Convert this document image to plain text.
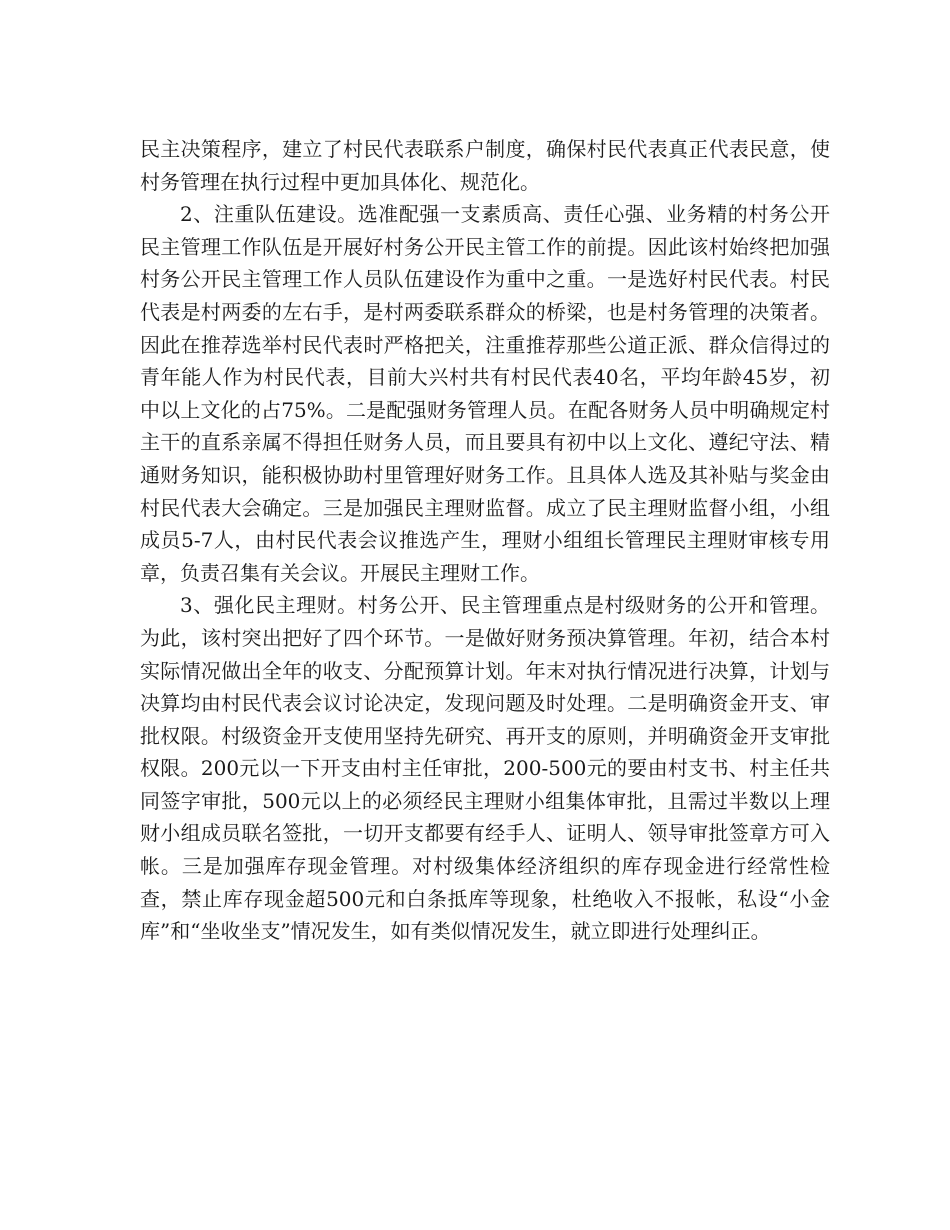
民主决策程序，建立了村民代表联系户制度，确保村民代表真正代表民意，使村务管理在执行过程中更加具体化、规范化。

2、注重队伍建设。选准配强一支素质高、责任心强、业务精的村务公开民主管理工作队伍是开展好村务公开民主管工作的前提。因此该村始终把加强村务公开民主管理工作人员队伍建设作为重中之重。一是选好村民代表。村民代表是村两委的左右手，是村两委联系群众的桥梁，也是村务管理的决策者。因此在推荐选举村民代表时严格把关，注重推荐那些公道正派、群众信得过的青年能人作为村民代表，目前大兴村共有村民代表40名，平均年龄45岁，初中以上文化的占75%。二是配强财务管理人员。在配各财务人员中明确规定村主干的直系亲属不得担任财务人员，而且要具有初中以上文化、遵纪守法、精通财务知识，能积极协助村里管理好财务工作。且具体人选及其补贴与奖金由村民代表大会确定。三是加强民主理财监督。成立了民主理财监督小组，小组成员5-7人，由村民代表会议推选产生，理财小组组长管理民主理财审核专用章，负责召集有关会议。开展民主理财工作。

3、强化民主理财。村务公开、民主管理重点是村级财务的公开和管理。为此，该村突出把好了四个环节。一是做好财务预决算管理。年初，结合本村实际情况做出全年的收支、分配预算计划。年末对执行情况进行决算，计划与决算均由村民代表会议讨论决定，发现问题及时处理。二是明确资金开支、审批权限。村级资金开支使用坚持先研究、再开支的原则，并明确资金开支审批权限。200元以一下开支由村主任审批，200-500元的要由村支书、村主任共同签字审批，500元以上的必须经民主理财小组集体审批，且需过半数以上理财小组成员联名签批，一切开支都要有经手人、证明人、领导审批签章方可入帐。三是加强库存现金管理。对村级集体经济组织的库存现金进行经常性检查，禁止库存现金超500元和白条抵库等现象，杜绝收入不报帐，私设“小金库”和“坐收坐支”情况发生，如有类似情况发生，就立即进行处理纠正。
